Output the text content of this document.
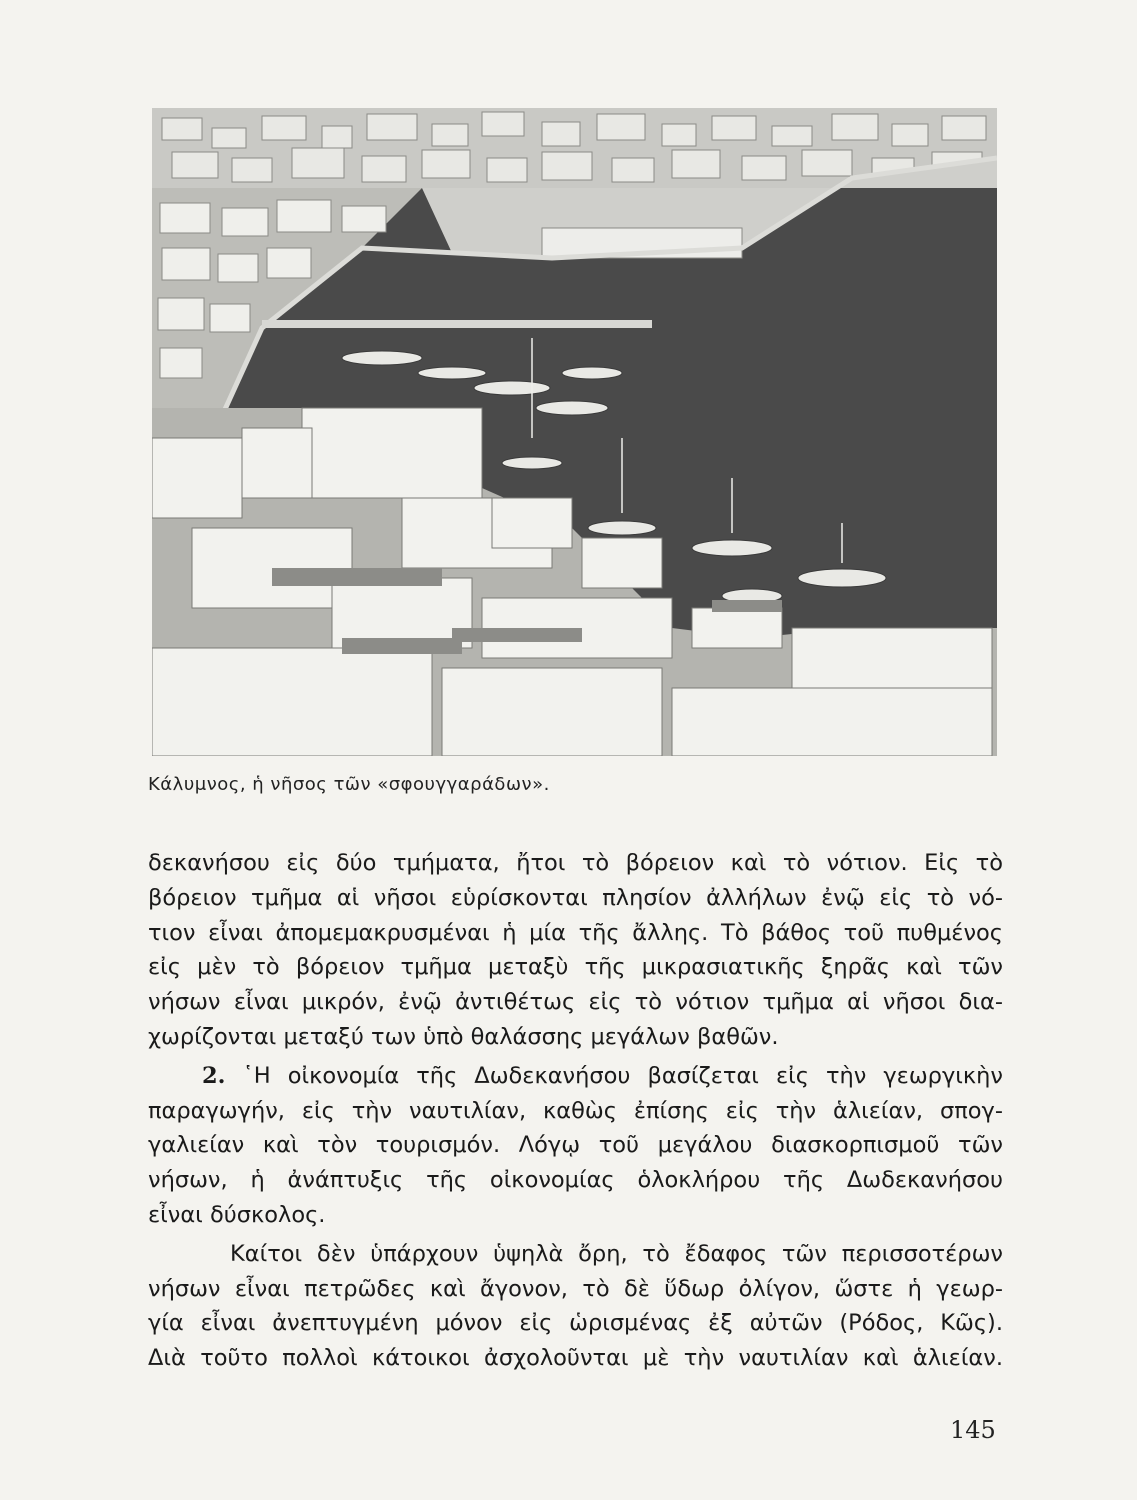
Κάλυμνος, ἡ νῆσος τῶν «σφουγγαράδων».

δεκανήσου εἰς δύο τμήματα, ἤτοι τὸ βόρειον καὶ τὸ νότιον. Εἰς τὸ
βόρειον τμῆμα αἱ νῆσοι εὑρίσκονται πλησίον ἀλλήλων ἐνῷ εἰς τὸ νό-
τιον εἶναι ἀπομεμακρυσμέναι ἡ μία τῆς ἄλλης. Τὸ βάθος τοῦ πυθμένος
εἰς μὲν τὸ βόρειον τμῆμα μεταξὺ τῆς μικρασιατικῆς ξηρᾶς καὶ τῶν
νήσων εἶναι μικρόν, ἐνῷ ἀντιθέτως εἰς τὸ νότιον τμῆμα αἱ νῆσοι δια-
χωρίζονται μεταξύ των ὑπὸ θαλάσσης μεγάλων βαθῶν.

2. ῾Η οἰκονομία τῆς Δωδεκανήσου βασίζεται εἰς τὴν γεωργικὴν
παραγωγήν, εἰς τὴν ναυτιλίαν, καθὼς ἐπίσης εἰς τὴν ἁλιείαν, σπογ-
γαλιείαν καὶ τὸν τουρισμόν. Λόγῳ τοῦ μεγάλου διασκορπισμοῦ τῶν
νήσων, ἡ ἀνάπτυξις τῆς οἰκονομίας ὁλοκλήρου τῆς Δωδεκανήσου
εἶναι δύσκολος.

Καίτοι δὲν ὑπάρχουν ὑψηλὰ ὄρη, τὸ ἔδαφος τῶν περισσοτέρων
νήσων εἶναι πετρῶδες καὶ ἄγονον, τὸ δὲ ὕδωρ ὀλίγον, ὥστε ἡ γεωρ-
γία εἶναι ἀνεπτυγμένη μόνον εἰς ὡρισμένας ἐξ αὐτῶν (Ρόδος, Κῶς).
Διὰ τοῦτο πολλοὶ κάτοικοι ἀσχολοῦνται μὲ τὴν ναυτιλίαν καὶ ἁλιείαν.

145
